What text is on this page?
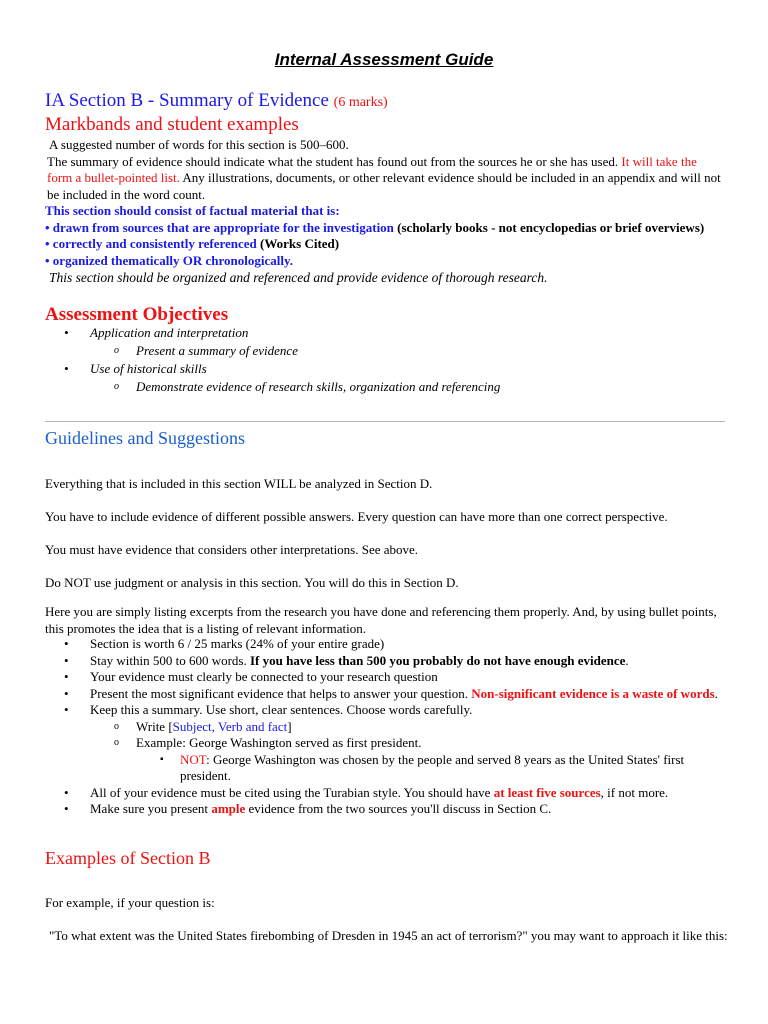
Internal Assessment Guide
IA Section B - Summary of Evidence (6 marks)
Markbands and student examples
A suggested number of words for this section is 500–600.
The summary of evidence should indicate what the student has found out from the sources he or she has used. It will take the form a bullet-pointed list. Any illustrations, documents, or other relevant evidence should be included in an appendix and will not be included in the word count.
This section should consist of factual material that is:
• drawn from sources that are appropriate for the investigation (scholarly books - not encyclopedias or brief overviews)
• correctly and consistently referenced (Works Cited)
• organized thematically OR chronologically.
This section should be organized and referenced and provide evidence of thorough research.
Assessment Objectives
• Application and interpretation
o Present a summary of evidence
• Use of historical skills
o Demonstrate evidence of research skills, organization and referencing
Guidelines and Suggestions
Everything that is included in this section WILL be analyzed in Section D.
You have to include evidence of different possible answers. Every question can have more than one correct perspective.
You must have evidence that considers other interpretations. See above.
Do NOT use judgment or analysis in this section. You will do this in Section D.
Here you are simply listing excerpts from the research you have done and referencing them properly. And, by using bullet points, this promotes the idea that is a listing of relevant information.
• Section is worth 6 / 25 marks (24% of your entire grade)
• Stay within 500 to 600 words. If you have less than 500 you probably do not have enough evidence.
• Your evidence must clearly be connected to your research question
• Present the most significant evidence that helps to answer your question. Non-significant evidence is a waste of words.
• Keep this a summary. Use short, clear sentences. Choose words carefully.
o Write [Subject, Verb and fact]
o Example: George Washington served as first president.
▪ NOT: George Washington was chosen by the people and served 8 years as the United States' first president.
• All of your evidence must be cited using the Turabian style. You should have at least five sources, if not more.
• Make sure you present ample evidence from the two sources you'll discuss in Section C.
Examples of Section B
For example, if your question is:
"To what extent was the United States firebombing of Dresden in 1945 an act of terrorism?" you may want to approach it like this:
